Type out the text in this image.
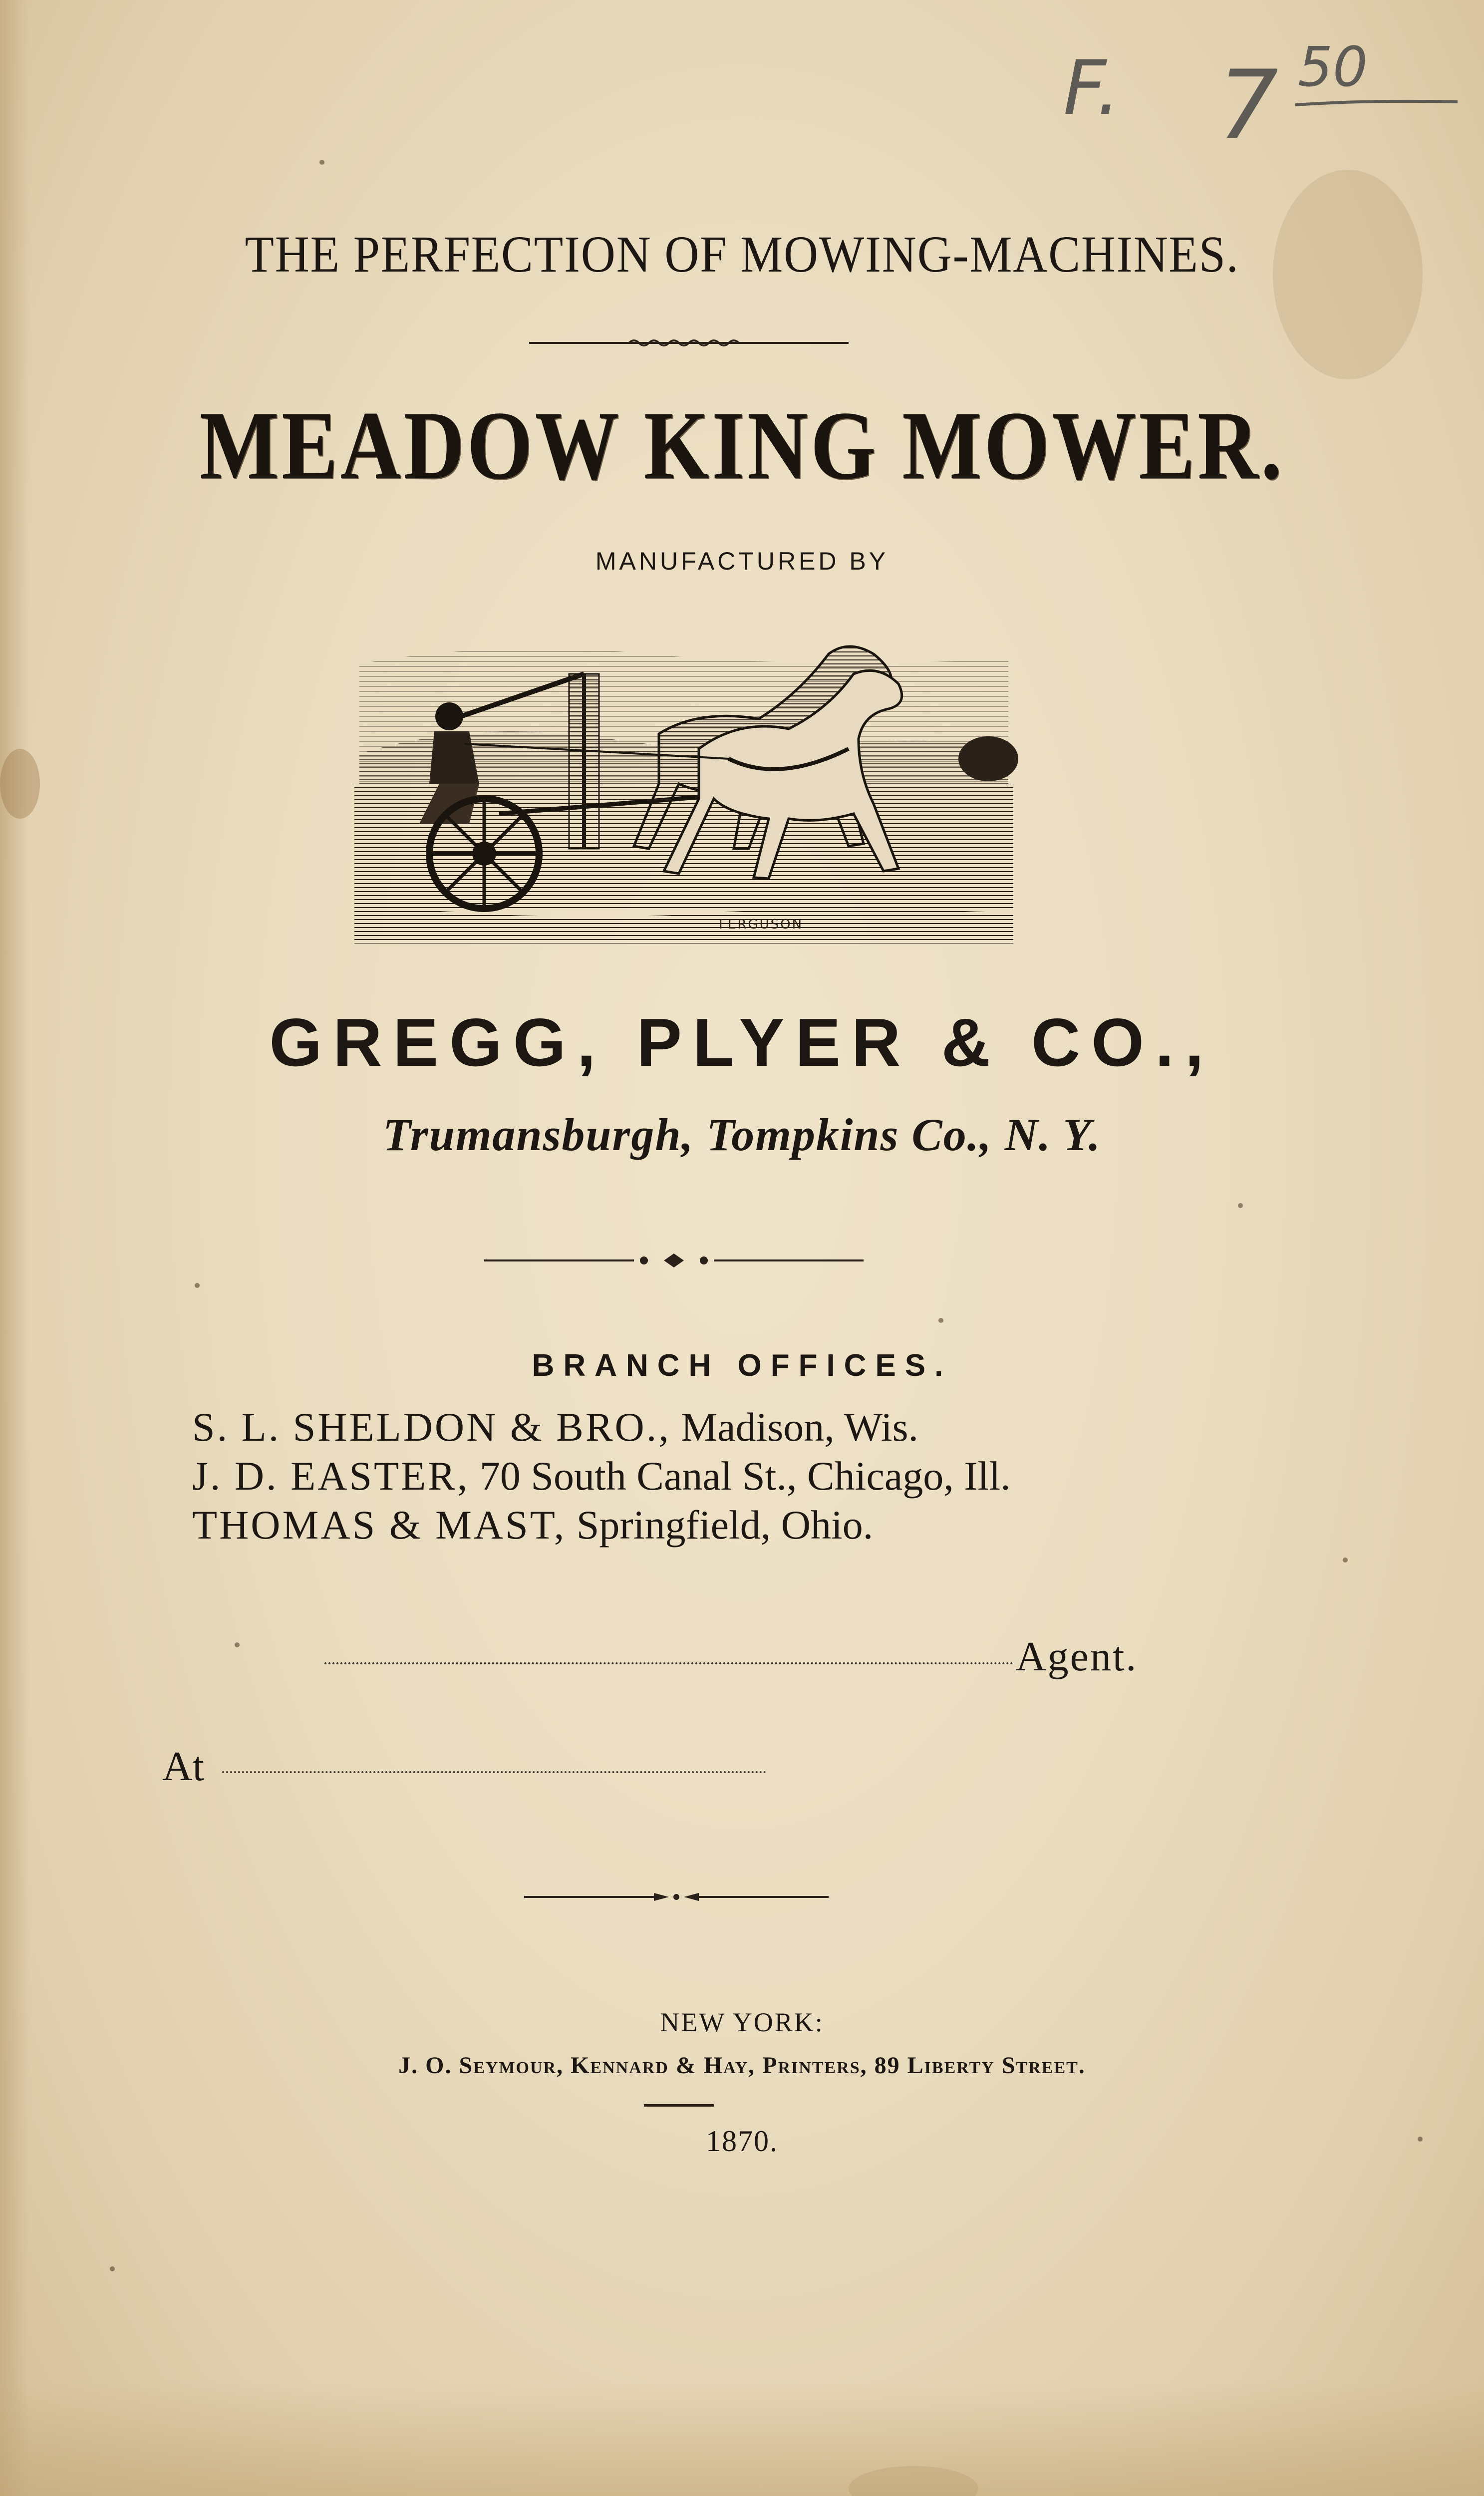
F. 7 50
THE PERFECTION OF MOWING-MACHINES.
MEADOW KING MOWER.
MANUFACTURED BY
FERGUSON
GREGG, PLYER & CO.,
Trumansburgh, Tompkins Co., N. Y.
BRANCH OFFICES.
S. L. SHELDON & BRO., Madison, Wis.
J. D. EASTER, 70 South Canal St., Chicago, Ill.
THOMAS & MAST, Springfield, Ohio.
Agent.
At
NEW YORK:
J. O. Seymour, Kennard & Hay, Printers, 89 Liberty Street.
1870.
